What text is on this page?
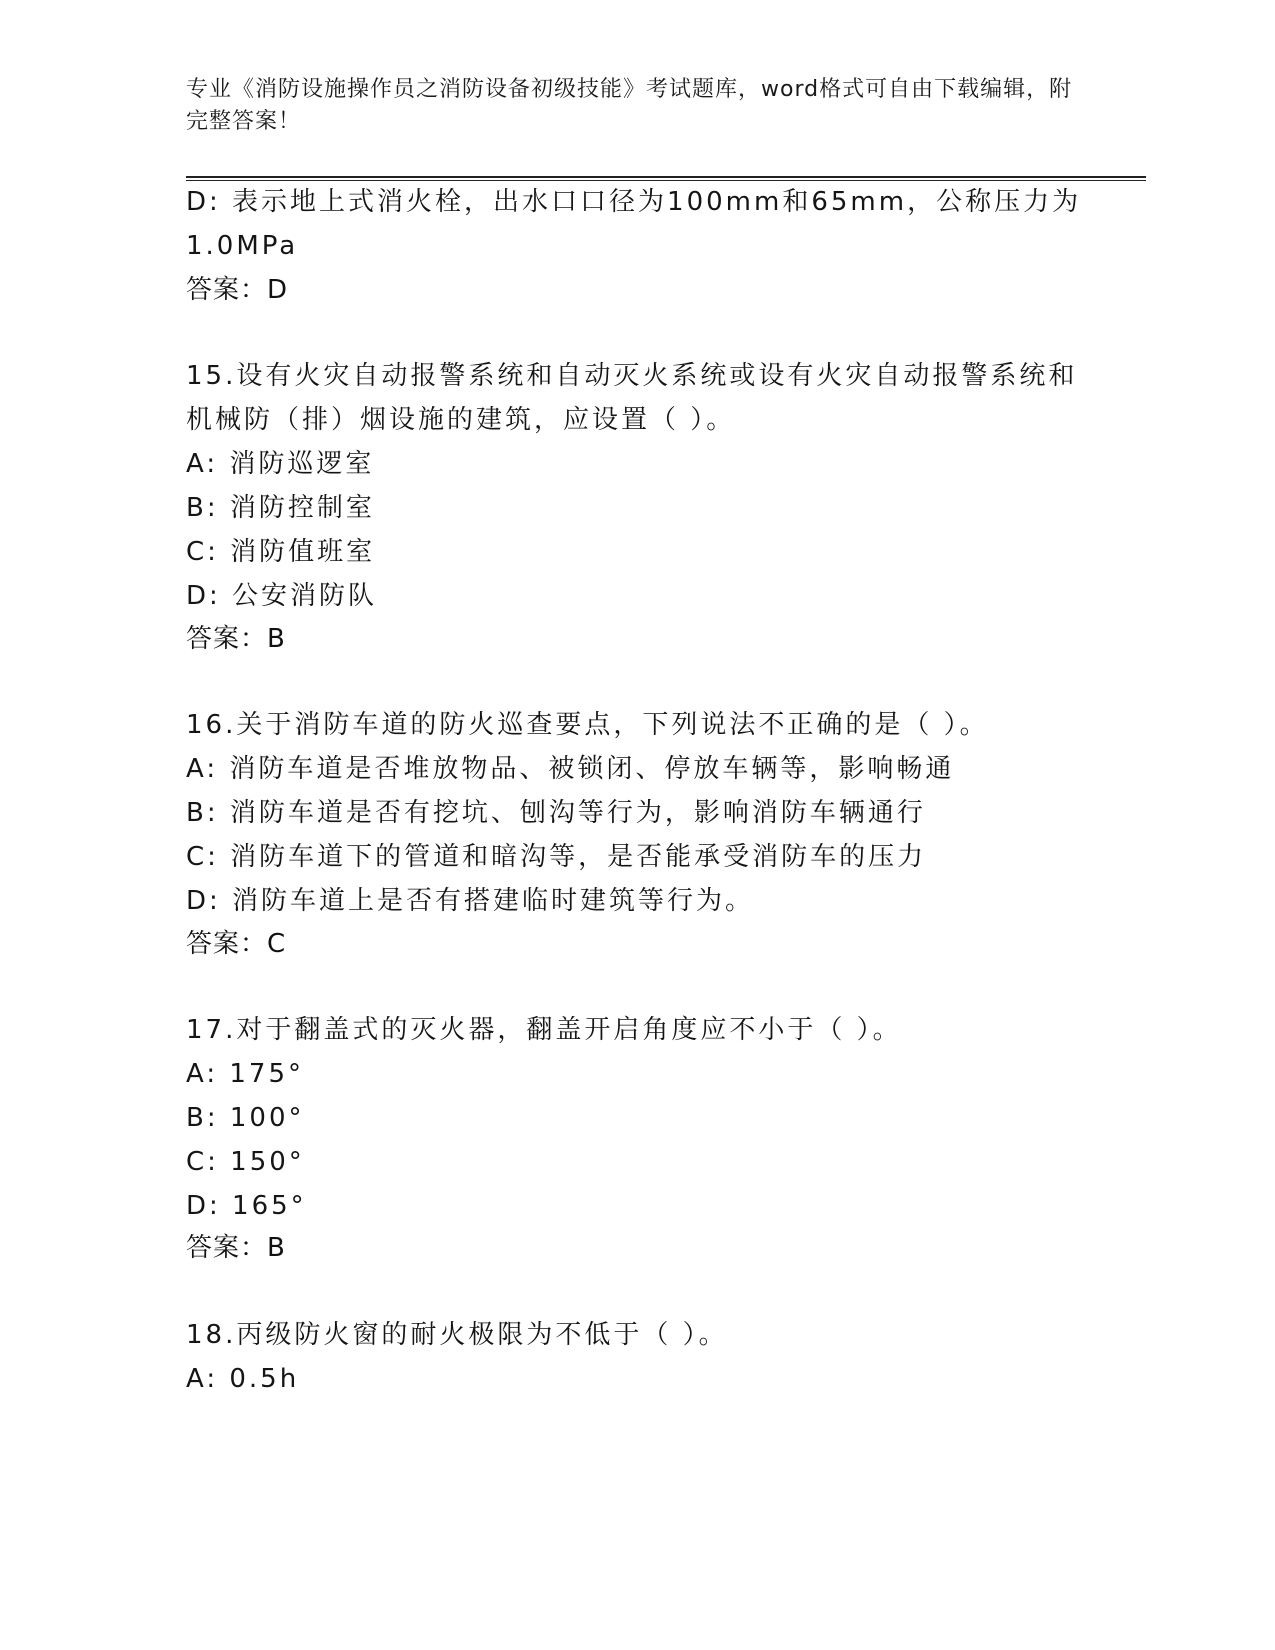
专业《消防设施操作员之消防设备初级技能》考试题库，word格式可自由下载编辑，附完整答案！
D: 表示地上式消火栓，出水口口径为100mm和65mm，公称压力为
1.0MPa
答案：D
15.设有火灾自动报警系统和自动灭火系统或设有火灾自动报警系统和
机械防（排）烟设施的建筑，应设置（ ）。
A: 消防巡逻室
B: 消防控制室
C: 消防值班室
D: 公安消防队
答案：B
16.关于消防车道的防火巡查要点，下列说法不正确的是（ ）。
A: 消防车道是否堆放物品、被锁闭、停放车辆等，影响畅通
B: 消防车道是否有挖坑、刨沟等行为，影响消防车辆通行
C: 消防车道下的管道和暗沟等，是否能承受消防车的压力
D: 消防车道上是否有搭建临时建筑等行为。
答案：C
17.对于翻盖式的灭火器，翻盖开启角度应不小于（ ）。
A: 175°
B: 100°
C: 150°
D: 165°
答案：B
18.丙级防火窗的耐火极限为不低于（ ）。
A: 0.5h
